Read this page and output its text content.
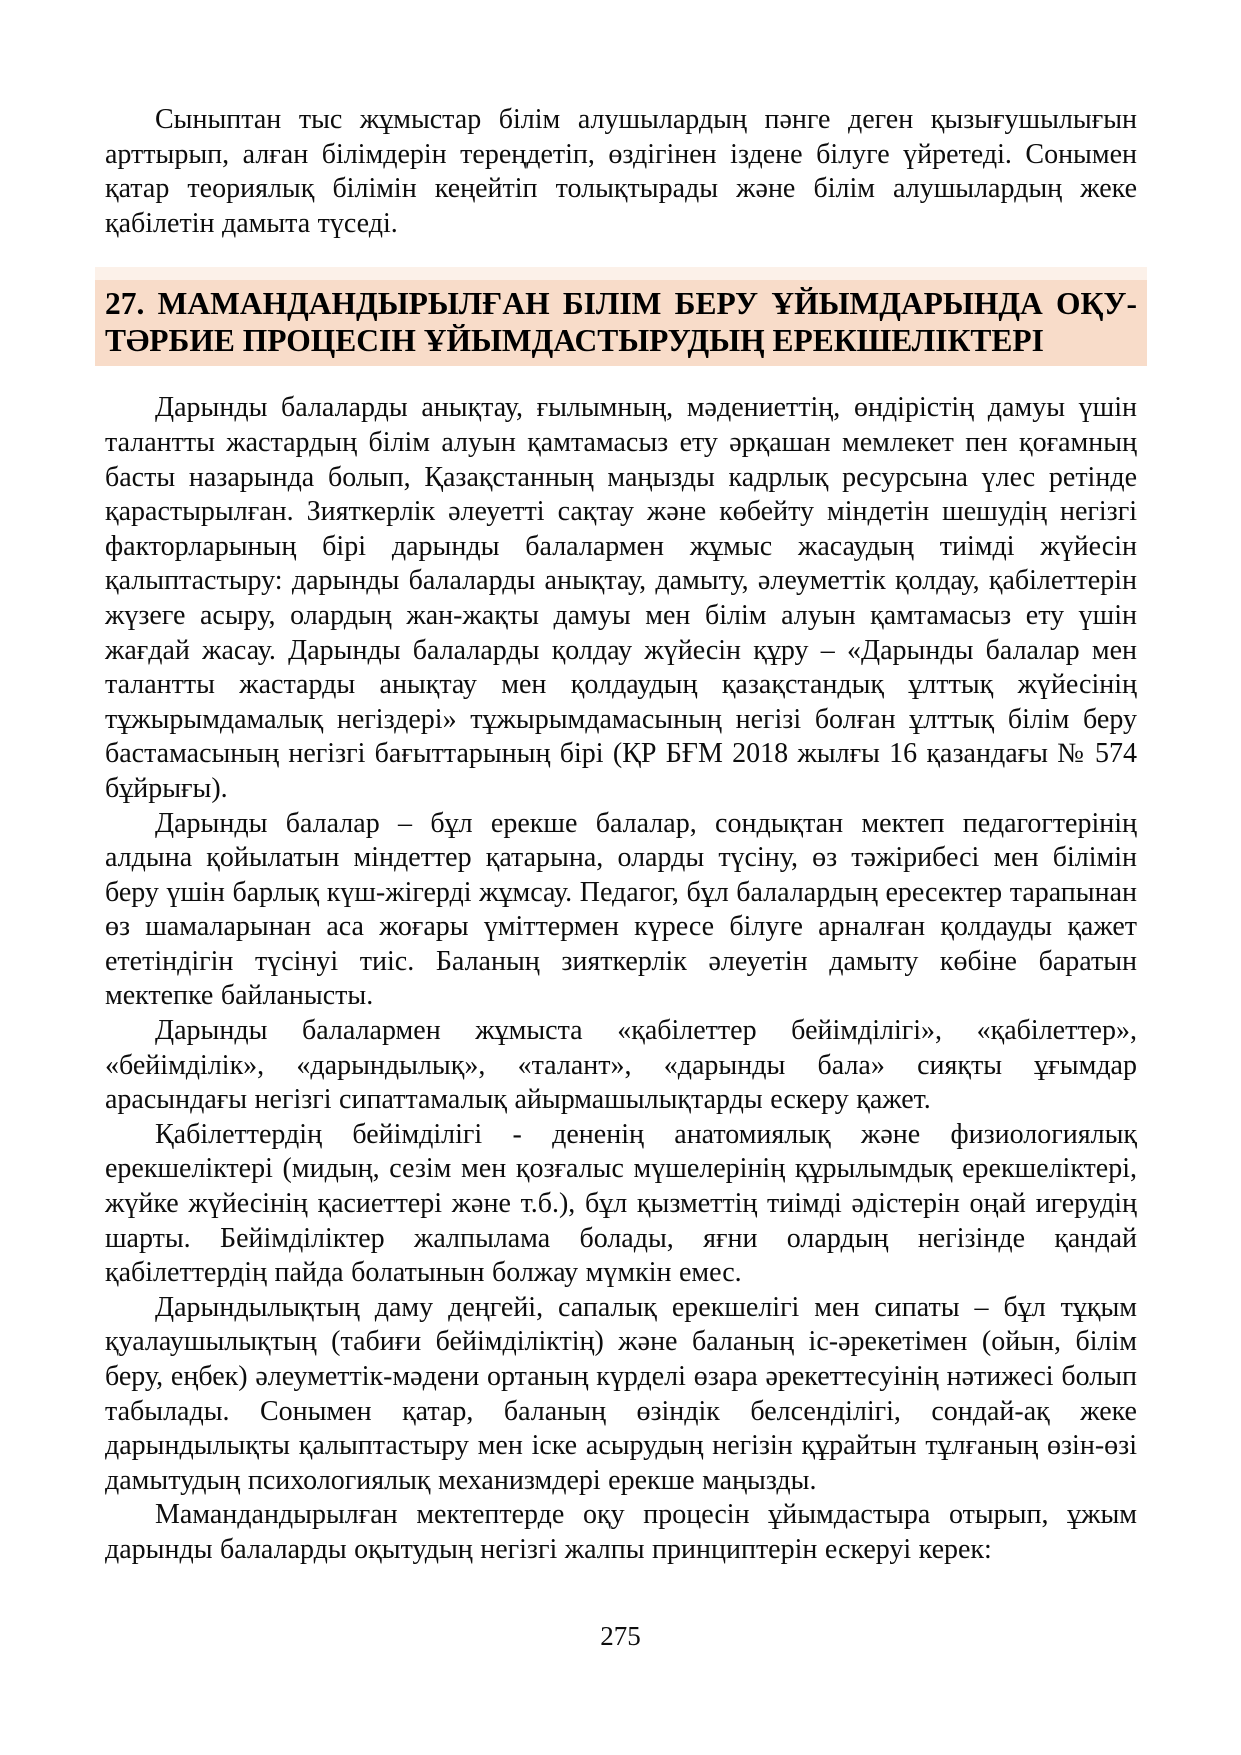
Сыныптан тыс жұмыстар білім алушылардың пәнге деген қызығушылығын арттырып, алған білімдерін тереңдетіп, өздігінен іздене білуге үйретеді. Сонымен қатар теориялық білімін кеңейтіп толықтырады және білім алушылардың жеке қабілетін дамыта түседі.

27. МАМАНДАНДЫРЫЛҒАН БІЛІМ БЕРУ ҰЙЫМДАРЫНДА ОҚУ-
ТӘРБИЕ ПРОЦЕСІН ҰЙЫМДАСТЫРУДЫҢ ЕРЕКШЕЛІКТЕРІ

Дарынды балаларды анықтау, ғылымның, мәдениеттің, өндірістің дамуы үшін талантты жастардың білім алуын қамтамасыз ету әрқашан мемлекет пен қоғамның басты назарында болып, Қазақстанның маңызды кадрлық ресурсына үлес ретінде қарастырылған. Зияткерлік әлеуетті сақтау және көбейту міндетін шешудің негізгі факторларының бірі дарынды балалармен жұмыс жасаудың тиімді жүйесін қалыптастыру: дарынды балаларды анықтау, дамыту, әлеуметтік қолдау, қабілеттерін жүзеге асыру, олардың жан-жақты дамуы мен білім алуын қамтамасыз ету үшін жағдай жасау. Дарынды балаларды қолдау жүйесін құру – «Дарынды балалар мен талантты жастарды анықтау мен қолдаудың қазақстандық ұлттық жүйесінің тұжырымдамалық негіздері» тұжырымдамасының негізі болған ұлттық білім беру бастамасының негізгі бағыттарының бірі (ҚР БҒМ 2018 жылғы 16 қазандағы № 574 бұйрығы).

Дарынды балалар – бұл ерекше балалар, сондықтан мектеп педагогтерінің алдына қойылатын міндеттер қатарына, оларды түсіну, өз тәжірибесі мен білімін беру үшін барлық күш-жігерді жұмсау. Педагог, бұл балалардың ересектер тарапынан өз шамаларынан аса жоғары үміттермен күресе білуге арналған қолдауды қажет ететіндігін түсінуі тиіс. Баланың зияткерлік әлеуетін дамыту көбіне баратын мектепке байланысты.

Дарынды балалармен жұмыста «қабілеттер бейімділігі», «қабілеттер», «бейімділік», «дарындылық», «талант», «дарынды бала» сияқты ұғымдар арасындағы негізгі сипаттамалық айырмашылықтарды ескеру қажет.

Қабілеттердің бейімділігі - дененің анатомиялық және физиологиялық ерекшеліктері (мидың, сезім мен қозғалыс мүшелерінің құрылымдық ерекшеліктері, жүйке жүйесінің қасиеттері және т.б.), бұл қызметтің тиімді әдістерін оңай игерудің шарты. Бейімділіктер жалпылама болады, яғни олардың негізінде қандай қабілеттердің пайда болатынын болжау мүмкін емес.

Дарындылықтың даму деңгейі, сапалық ерекшелігі мен сипаты – бұл тұқым қуалаушылықтың (табиғи бейімділіктің) және баланың іс-әрекетімен (ойын, білім беру, еңбек) әлеуметтік-мәдени ортаның күрделі өзара әрекеттесуінің нәтижесі болып табылады. Сонымен қатар, баланың өзіндік белсенділігі, сондай-ақ жеке дарындылықты қалыптастыру мен іске асырудың негізін құрайтын тұлғаның өзін-өзі дамытудың психологиялық механизмдері ерекше маңызды.

Мамандандырылған мектептерде оқу процесін ұйымдастыра отырып, ұжым дарынды балаларды оқытудың негізгі жалпы принциптерін ескеруі керек:

275
